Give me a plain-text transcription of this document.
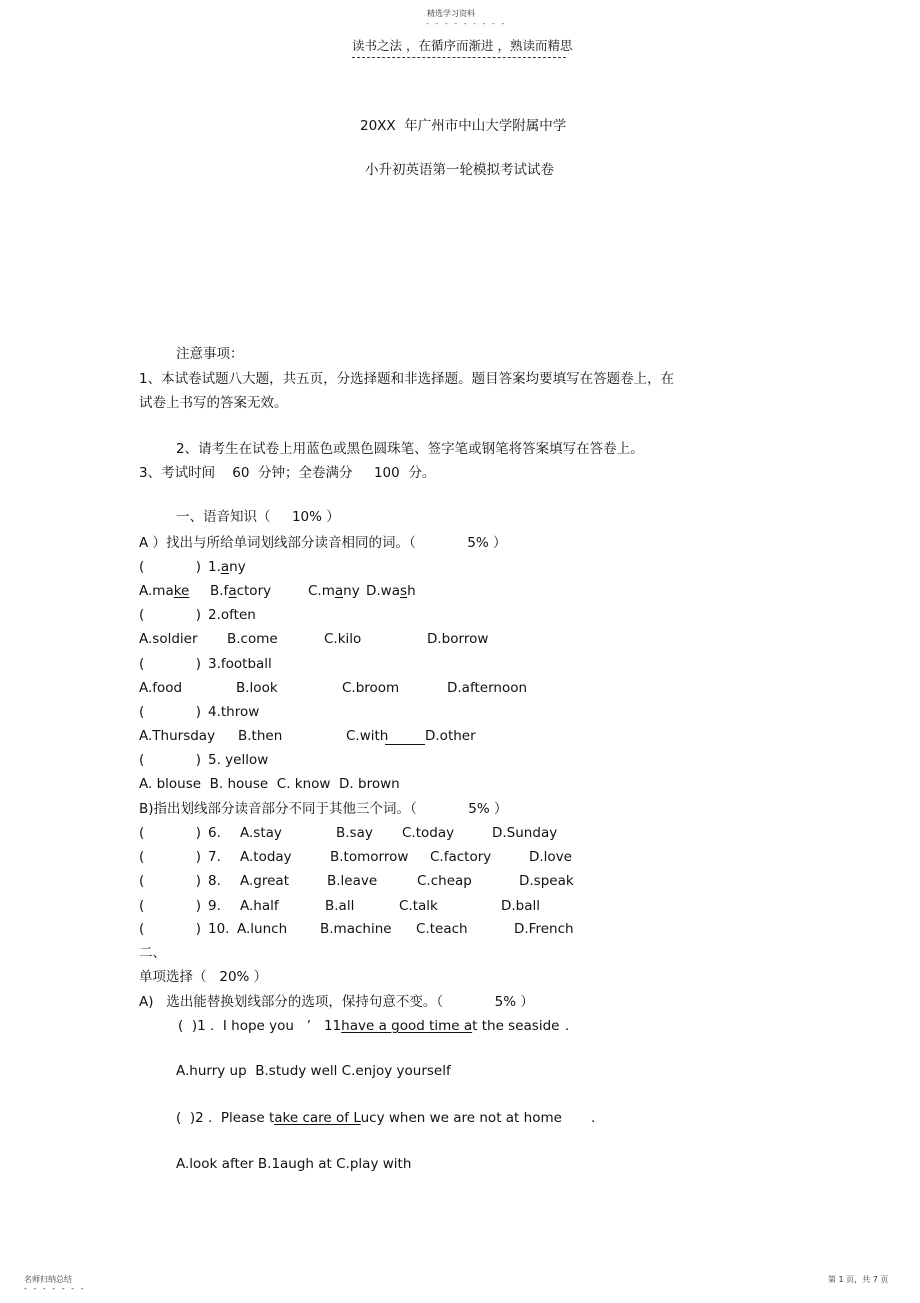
精选学习资料
- - - - - - - - -
读书之法 ，在循序而渐进 ，熟读而精思
20XX  年广州市中山大学附属中学
小升初英语第一轮模拟考试试卷
注意事项：
1、本试卷试题八大题，共五页，分选择题和非选择题。题目答案均要填写在答题卷上，在
试卷上书写的答案无效。
2、请考生在试卷上用蓝色或黑色圆珠笔、签字笔或钢笔将答案填写在答卷上。
3、考试时间    60  分钟；全卷满分     100  分。
一、语音知识（     10% ）
A ）找出与所给单词划线部分读音相同的词。（            5% ）
(            ) 1.any
A.make B.factory	C.many D.wash
(            ) 2.often
A.soldier B.come	C.kilo	D.borrow
(            ) 3.football
A.food	B.look	C.broom	D.afternoon
(            ) 4.throw
A.Thursday B.then	C.with	D.other
(            ) 5. yellow
A. blouse  B. house  C. know  D. brown
B)指出划线部分读音部分不同于其他三个词。（            5% ）
(            ) 6. A.stay	B.say C.today	D.Sunday
(            ) 7. A.today	B.tomorrow C.factory	D.love
(            ) 8. A.great	B.leave	C.cheap	D.speak
(            ) 9. A.half	B.all	C.talk	D.ball
(            ) 10. A.lunch B.machine C.teach	D.French
二、
单项选择（   20% ）
A)   选出能替换划线部分的选项，保持句意不变。（            5% ）
(  )1 .  I hope you   ’   11have a good time at the seaside .
A.hurry up  B.study well C.enjoy yourself
(  )2 .  Please take care of Lucy when we are not at home .
A.look after B.1augh at C.play with
名师归纳总结
- - - - - - -
第 1 页，共 7 页
